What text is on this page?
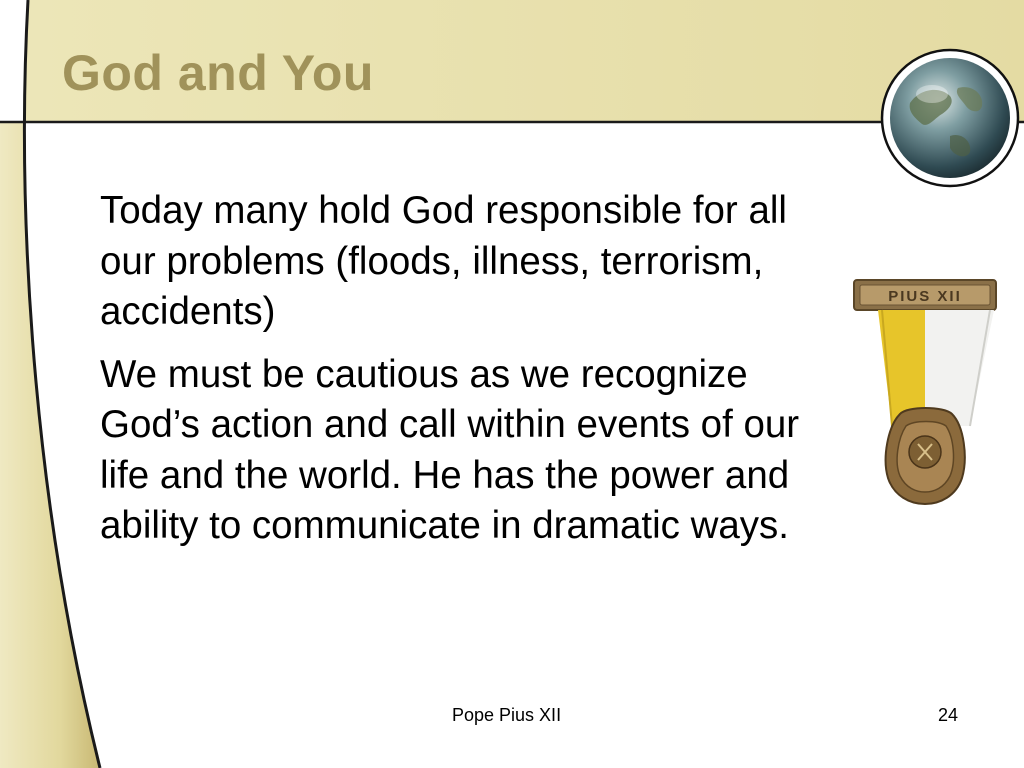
God and You

Today many hold God responsible for all our problems (floods, illness, terrorism, accidents)

We must be cautious as we recognize God’s action and call within events of our life and the world. He has the power and ability to communicate in dramatic ways.

PIUS XII
Pope Pius XII	24
